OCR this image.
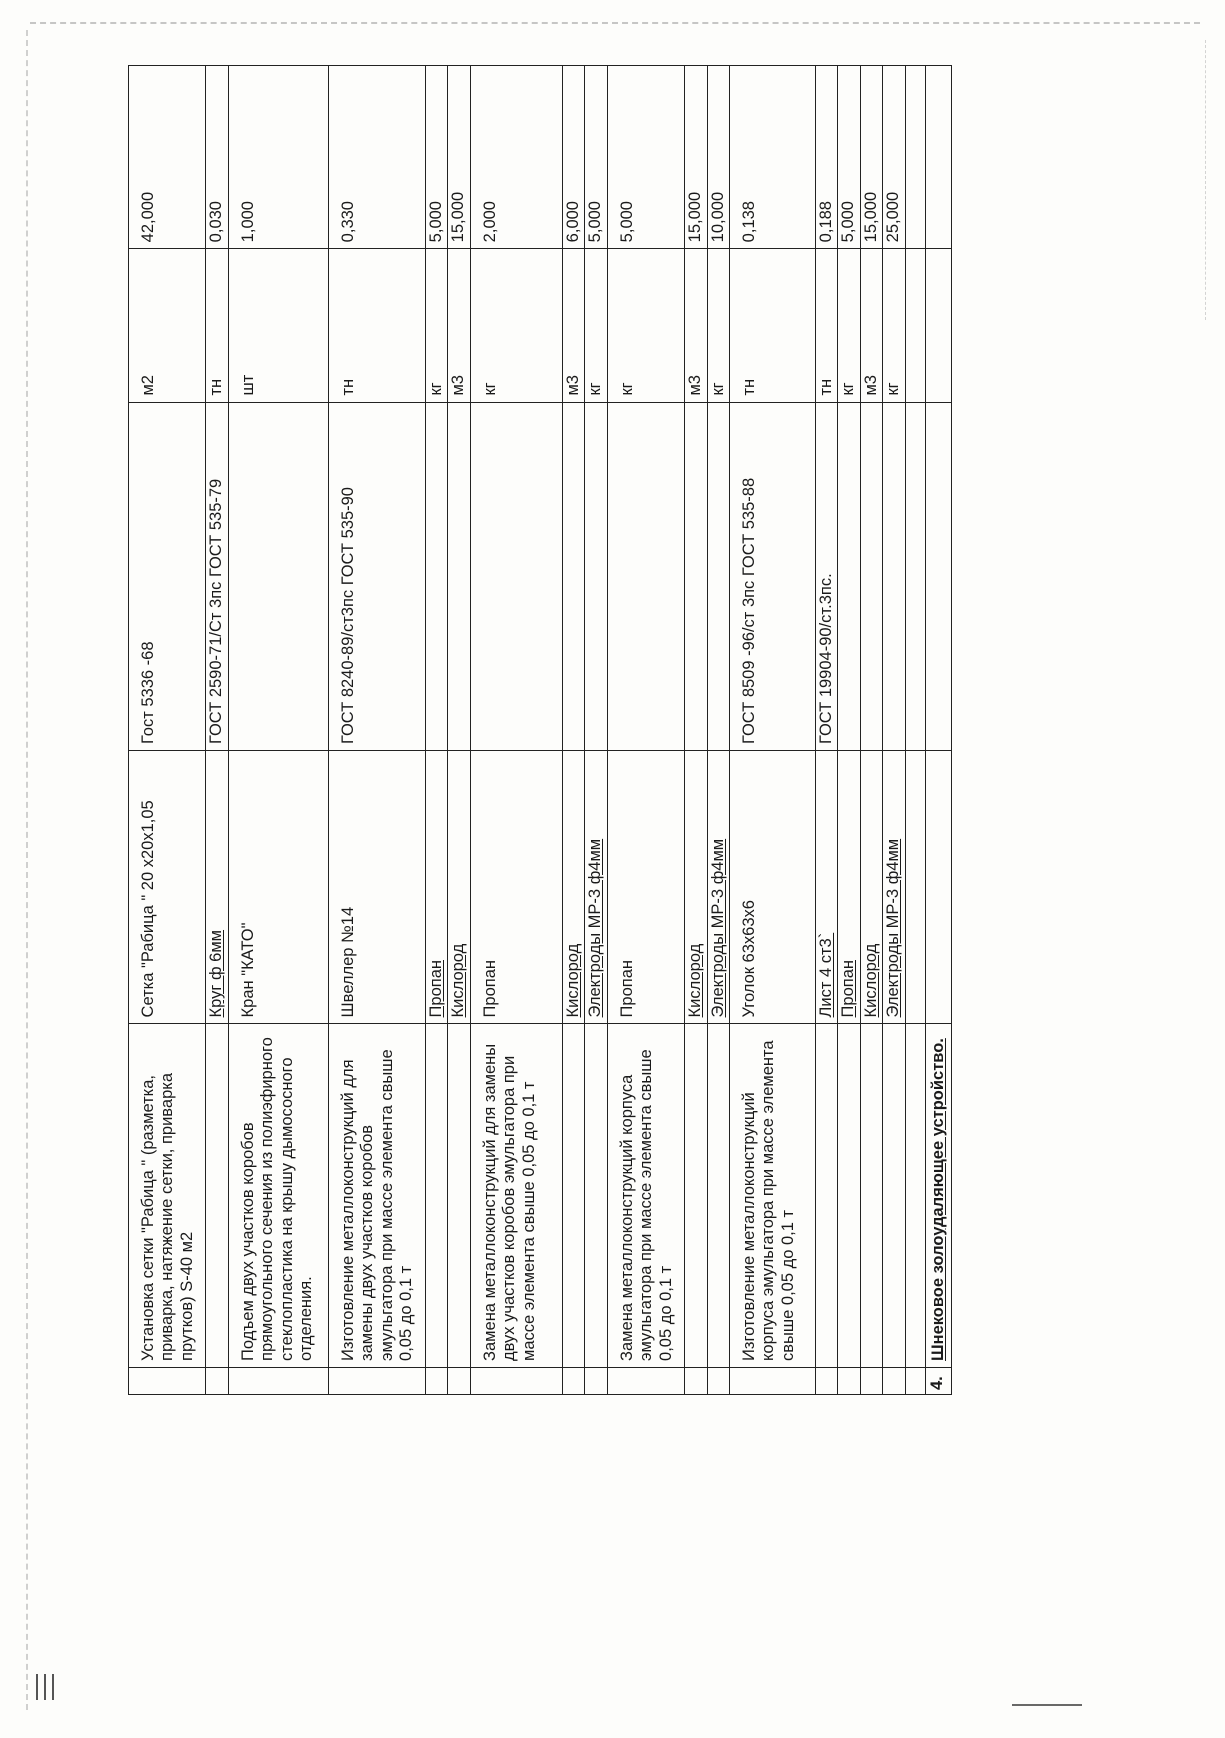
	Установка сетки "Рабица " (разметка, приварка, натяжение сетки, приварка прутков) S-40 м2	Сетка "Рабица " 20 х20х1,05	Гост 5336 -68	м2	42,000
		Круг ф 6мм	ГОСТ 2590-71/Ст 3пс ГОСТ 535-79	тн	0,030
	Подъем двух участков коробов прямоугольного сечения из полиэфирного стеклопластика на крышу дымососного отделения.	Кран "КАТО"		шт	1,000
	Изготовление металлоконструкций для замены двух участков коробов эмульгатора при массе элемента свыше 0,05 до 0,1 т	Швеллер №14	ГОСТ 8240-89/ст3пс ГОСТ 535-90	тн	0,330
		Пропан		кг	5,000
		Кислород		м3	15,000
	Замена металлоконструкций для замены двух участков коробов эмульгатора при массе элемента свыше 0,05 до 0,1 т	Пропан		кг	2,000
		Кислород		м3	6,000
		Электроды МР-3 ф4мм		кг	5,000
	Замена металлоконструкций корпуса эмульгатора при массе элемента свыше 0,05 до 0,1 т	Пропан		кг	5,000
		Кислород		м3	15,000
		Электроды МР-3 ф4мм		кг	10,000
	Изготовление металлоконструкций корпуса эмульгатора при массе элемента свыше 0,05 до 0,1 т	Уголок 63х63х6	ГОСТ 8509 -96/ст 3пс ГОСТ 535-88	тн	0,138
		Лист 4 ст3`	ГОСТ 19904-90/ст.3пс.	тн	0,188
		Пропан		кг	5,000
		Кислород		м3	15,000
		Электроды МР-3 ф4мм		кг	25,000

4.	Шнековое золоудаляющее устройство.				
